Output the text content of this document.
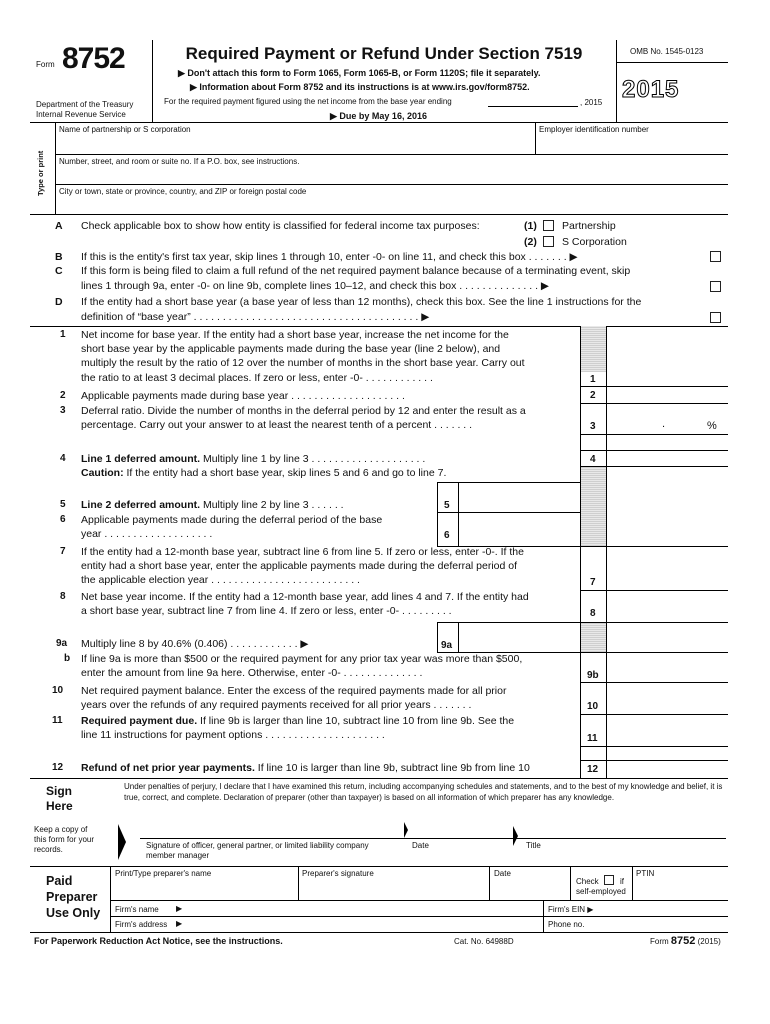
Form 8752
Department of the Treasury
Internal Revenue Service
Required Payment or Refund Under Section 7519
▶ Don't attach this form to Form 1065, Form 1065-B, or Form 1120S; file it separately.
▶ Information about Form 8752 and its instructions is at www.irs.gov/form8752.
For the required payment figured using the net income from the base year ending	, 2015
▶ Due by May 16, 2016
OMB No. 1545-0123
2015
Type or print
Name of partnership or S corporation	Employer identification number
Number, street, and room or suite no. If a P.O. box, see instructions.
City or town, state or province, country, and ZIP or foreign postal code
A Check applicable box to show how entity is classified for federal income tax purposes:	(1) Partnership
(2) S Corporation
B If this is the entity's first tax year, skip lines 1 through 10, enter -0- on line 11, and check this box . . . . . . . ▶
C If this form is being filed to claim a full refund of the net required payment balance because of a terminating event, skip
lines 1 through 9a, enter -0- on line 9b, complete lines 10–12, and check this box . . . . . . . . . . . . . . ▶
D If the entity had a short base year (a base year of less than 12 months), check this box. See the line 1 instructions for the
definition of “base year” . . . . . . . . . . . . . . . . . . . . . . . . . . . . . . . . . . . . . . . ▶
1 Net income for base year. If the entity had a short base year, increase the net income for the
short base year by the applicable payments made during the base year (line 2 below), and
multiply the result by the ratio of 12 over the number of months in the short base year. Carry out
the ratio to at least 3 decimal places. If zero or less, enter -0- . . . . . . . . . . . .	1
2 Applicable payments made during base year . . . . . . . . . . . . . . . . . . . .	2
3 Deferral ratio. Divide the number of months in the deferral period by 12 and enter the result as a
percentage. Carry out your answer to at least the nearest tenth of a percent . . . . . . .	3	.	%
4 Line 1 deferred amount. Multiply line 1 by line 3 . . . . . . . . . . . . . . . . . . . .
Caution: If the entity had a short base year, skip lines 5 and 6 and go to line 7.
4
5 Line 2 deferred amount. Multiply line 2 by line 3 . . . . . .	5
6 Applicable payments made during the deferral period of the base
year . . . . . . . . . . . . . . . . . . .	6
7 If the entity had a 12-month base year, subtract line 6 from line 5. If zero or less, enter -0-. If the
entity had a short base year, enter the applicable payments made during the deferral period of
the applicable election year . . . . . . . . . . . . . . . . . . . . . . . . . .	7
8 Net base year income. If the entity had a 12-month base year, add lines 4 and 7. If the entity had
a short base year, subtract line 7 from line 4. If zero or less, enter -0- . . . . . . . . .	8
9a Multiply line 8 by 40.6% (0.406) . . . . . . . . . . . . ▶	9a
b If line 9a is more than $500 or the required payment for any prior tax year was more than $500,
enter the amount from line 9a here. Otherwise, enter -0- . . . . . . . . . . . . . .	9b
10 Net required payment balance. Enter the excess of the required payments made for all prior
years over the refunds of any required payments received for all prior years . . . . . . .	10
11 Required payment due. If line 9b is larger than line 10, subtract line 10 from line 9b. See the
line 11 instructions for payment options . . . . . . . . . . . . . . . . . . . . .	11
12 Refund of net prior year payments. If line 10 is larger than line 9b, subtract line 9b from line 10	12
Sign
Here
Under penalties of perjury, I declare that I have examined this return, including accompanying schedules and statements, and to the best of my knowledge and belief, it is true, correct, and complete. Declaration of preparer (other than taxpayer) is based on all information of which preparer has any knowledge.
Keep a copy of
this form for your
records.	Signature of officer, general partner, or limited liability company
member manager
Date	Title
Paid
Preparer
Use Only
Print/Type preparer's name	Preparer's signature	Date
Check	if
self-employed
PTIN
Firm's name ▶	Firm's EIN ▶
Firm's address ▶	Phone no.
For Paperwork Reduction Act Notice, see the instructions.	Cat. No. 64988D	Form 8752 (2015)
